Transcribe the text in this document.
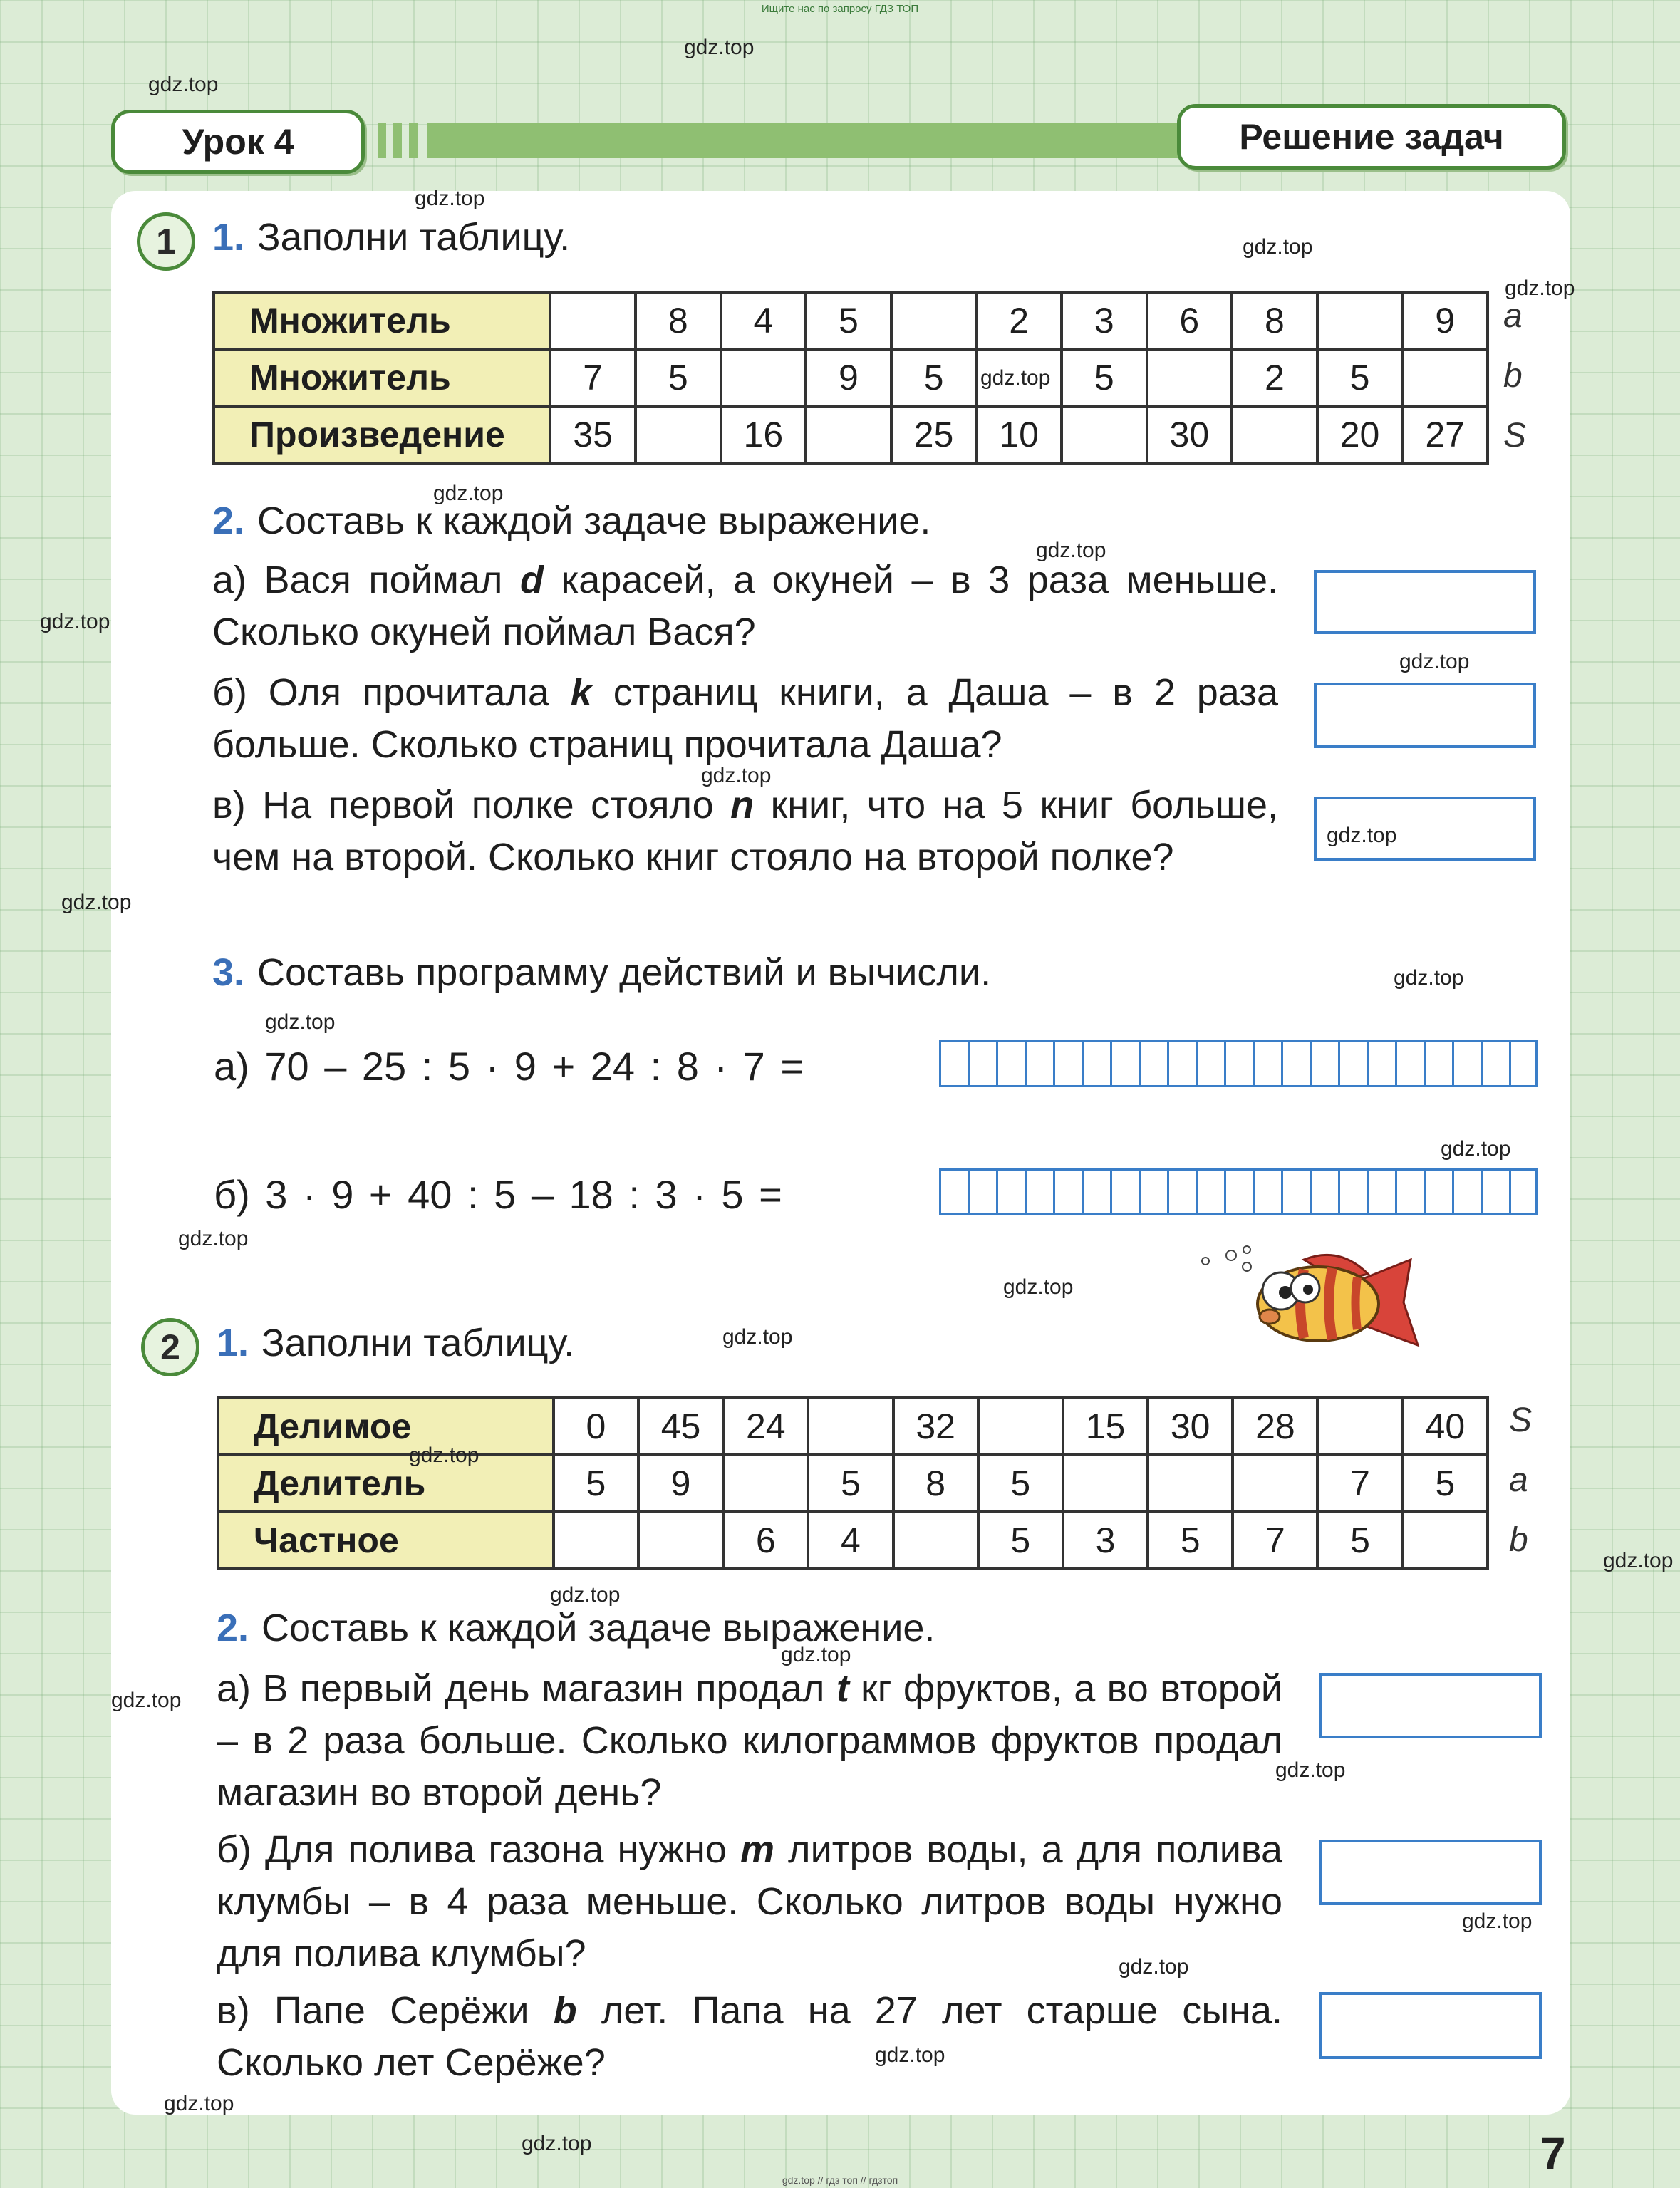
Ищите нас по запросу ГДЗ ТОП
Урок 4	Решение задач
1 1. Заполни таблицу.
Множитель		8	4	5		2	3	6	8		9
Множитель	7	5		9	5		5		2	5	
Произведение	35		16		25	10		30		20	27
a
b
S
2. Составь к каждой задаче выражение.
а) Вася поймал d карасей, а окуней – в 3 раза меньше. Сколько окуней поймал Вася?
б) Оля прочитала k страниц книги, а Даша – в 2 раза больше. Сколько страниц прочитала Даша?
в) На первой полке стояло n книг, что на 5 книг больше, чем на второй. Сколько книг стояло на второй полке?
3. Составь программу действий и вычисли.
а) 70 – 25 : 5 · 9 + 24 : 8 · 7 =
б) 3 · 9 + 40 : 5 – 18 : 3 · 5 =
2 1. Заполни таблицу.
Делимое	0	45	24		32		15	30	28		40
Делитель	5	9		5	8	5				7	5
Частное			6	4		5	3	5	7	5	
S
a
b
2. Составь к каждой задаче выражение.
а) В первый день магазин продал t кг фруктов, а во второй – в 2 раза больше. Сколько килограммов фруктов продал магазин во второй день?
б) Для полива газона нужно m литров воды, а для полива клумбы – в 4 раза меньше. Сколько литров воды нужно для полива клумбы?
в) Папе Серёжи b лет. Папа на 27 лет старше сына. Сколько лет Серёже?
7
gdz.top // гдз топ // гдзтоп
gdz.top
gdz.top
gdz.top
gdz.top
gdz.top
gdz.top
gdz.top
gdz.top
gdz.top
gdz.top
gdz.top
gdz.top
gdz.top
gdz.top
gdz.top
gdz.top
gdz.top
gdz.top
gdz.top
gdz.top
gdz.top
gdz.top
gdz.top
gdz.top
gdz.top
gdz.top
gdz.top
gdz.top
gdz.top
gdz.top
